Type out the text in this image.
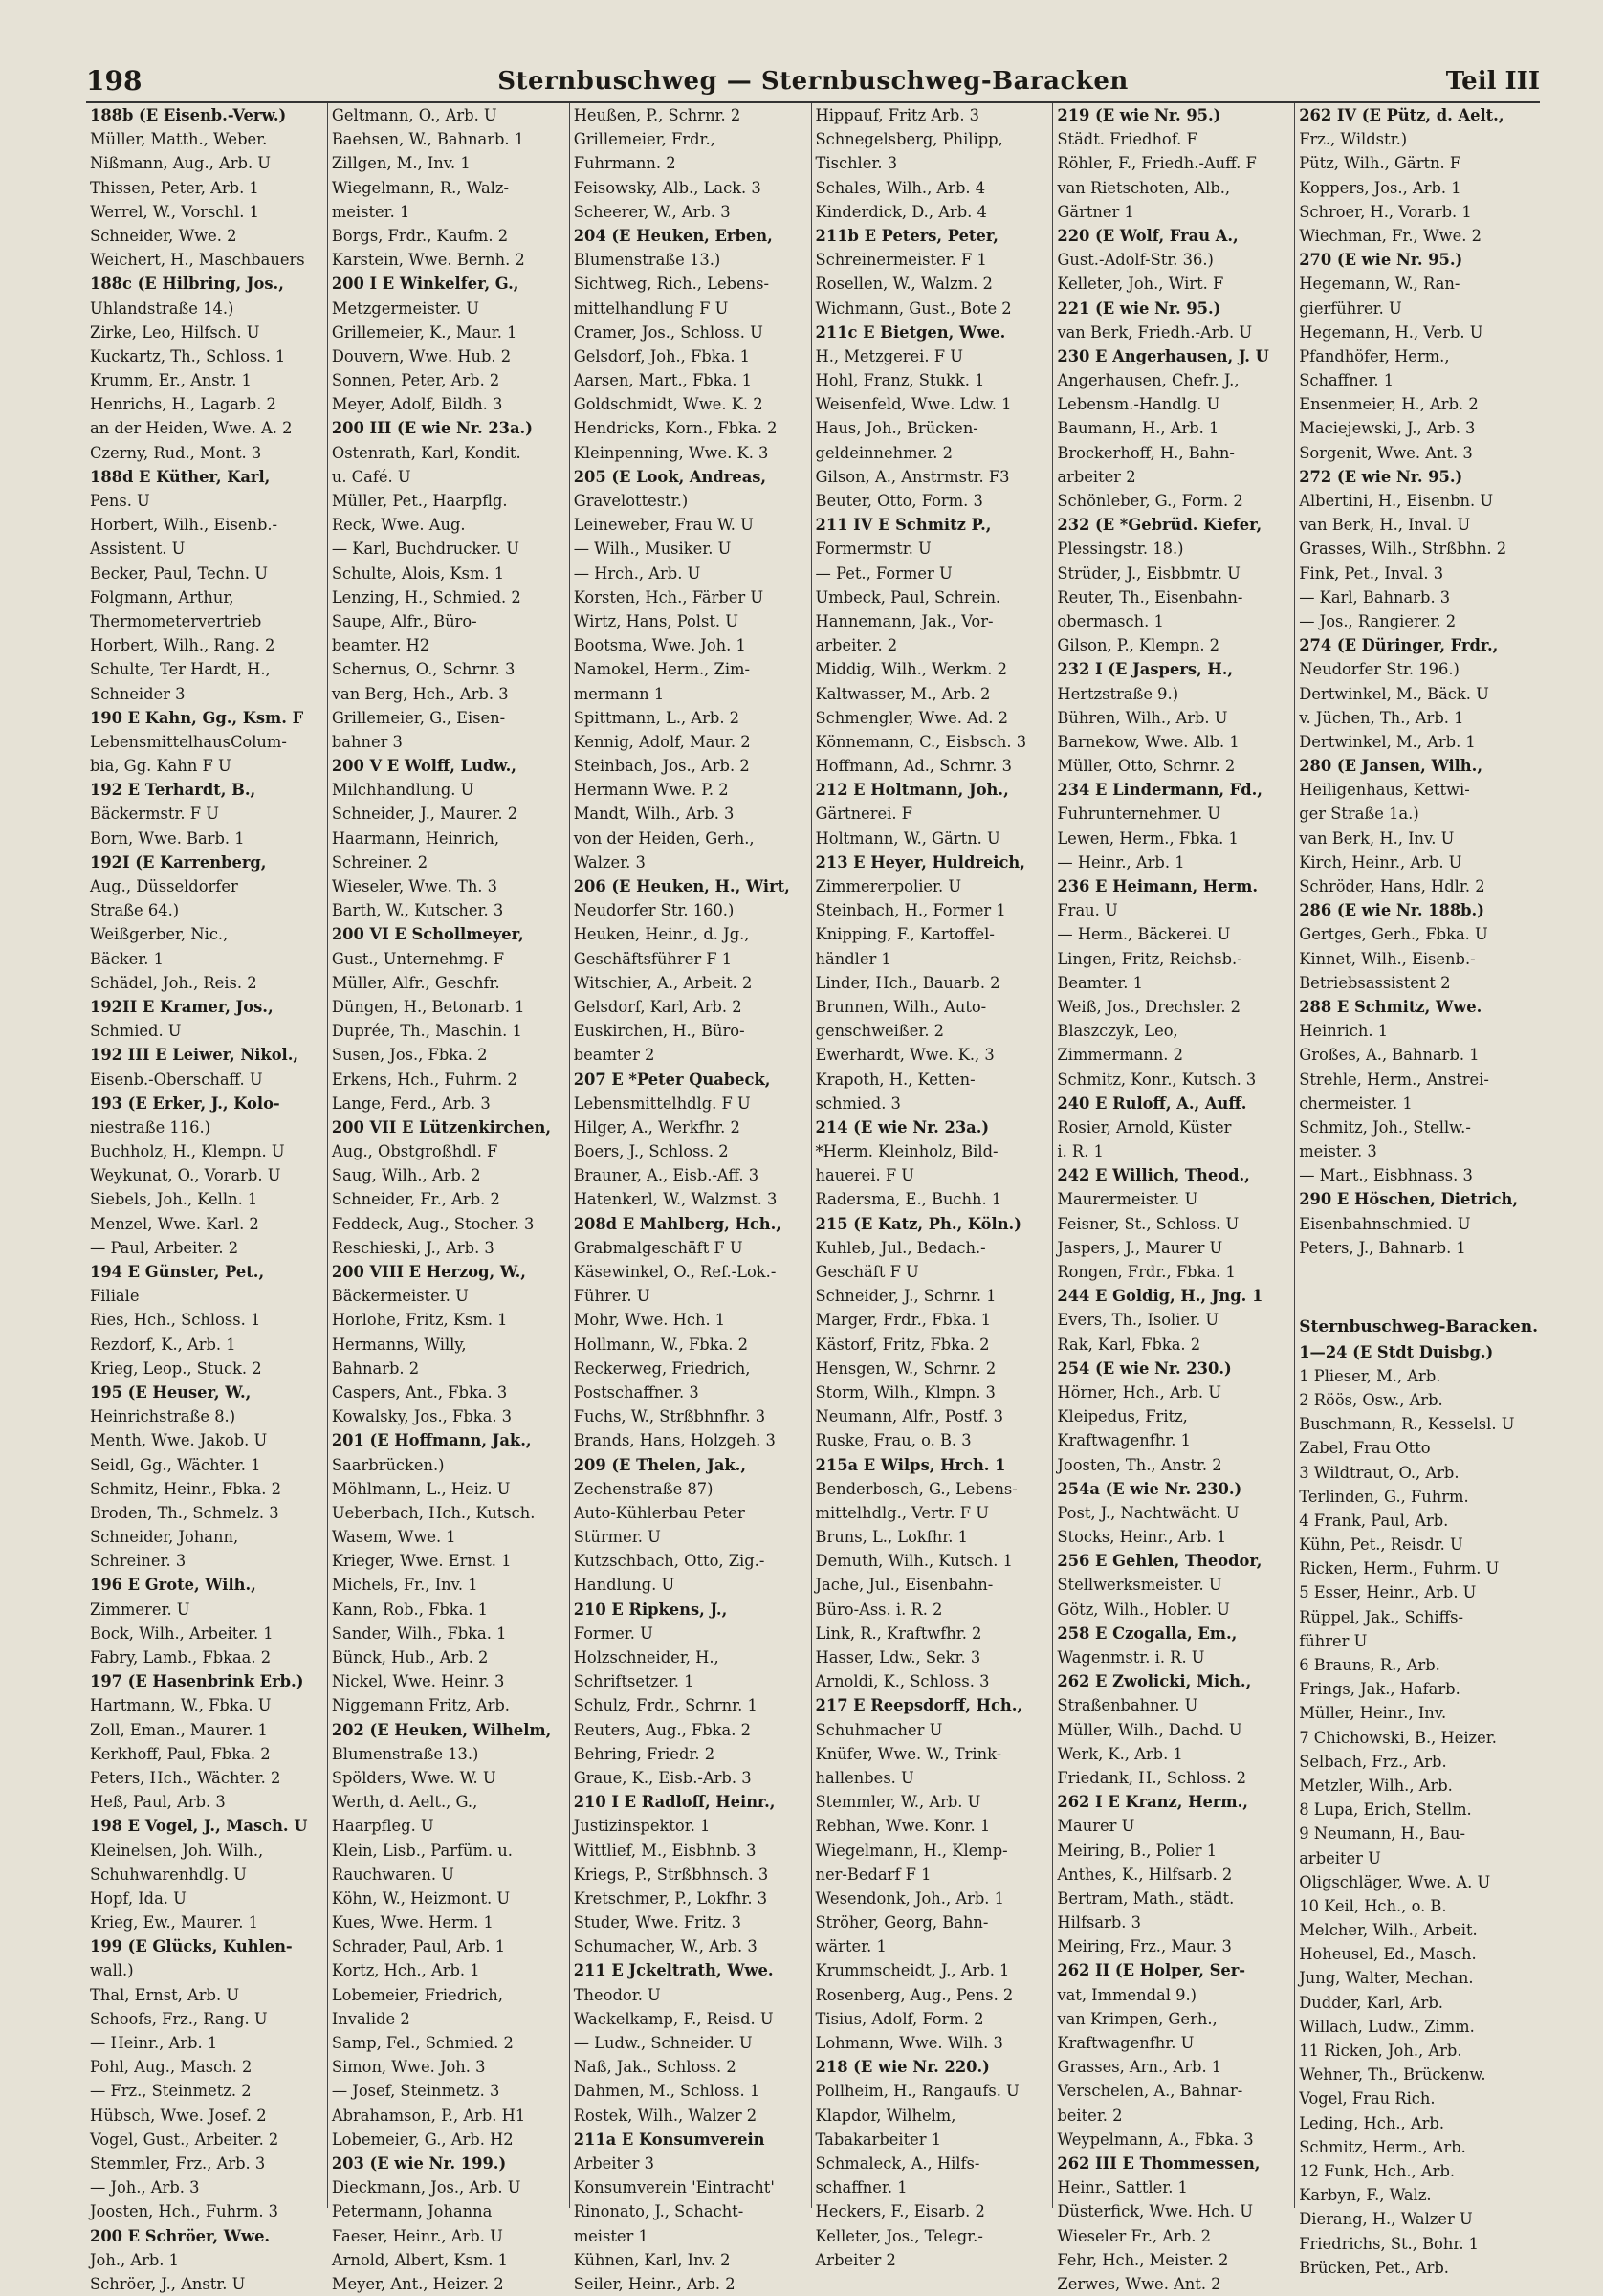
198	Sternbuschweg — Sternbuschweg-Baracken	Teil III
188b (E Eisenb.-Verw.)
Müller, Matth., Weber.
Nißmann, Aug., Arb. U
Thissen, Peter, Arb. 1
Werrel, W., Vorschl. 1
Schneider, Wwe. 2
Weichert, H., Maschbauers
188c (E Hilbring, Jos.,
Uhlandstraße 14.)
Zirke, Leo, Hilfsch. U
Kuckartz, Th., Schloss. 1
Krumm, Er., Anstr. 1
Henrichs, H., Lagarb. 2
an der Heiden, Wwe. A. 2
Czerny, Rud., Mont. 3
188d E Küther, Karl,
Pens. U
Horbert, Wilh., Eisenb.-
Assistent. U
Becker, Paul, Techn. U
Folgmann, Arthur,
Thermometervertrieb
Horbert, Wilh., Rang. 2
Schulte, Ter Hardt, H.,
Schneider 3
190 E Kahn, Gg., Ksm. F
LebensmittelhausColum-
bia, Gg. Kahn F U
192 E Terhardt, B.,
Bäckermstr. F U
Born, Wwe. Barb. 1
192I (E Karrenberg,
Aug., Düsseldorfer
Straße 64.)
Weißgerber, Nic.,
Bäcker. 1
Schädel, Joh., Reis. 2
192II E Kramer, Jos.,
Schmied. U
192 III E Leiwer, Nikol.,
Eisenb.-Oberschaff. U
193 (E Erker, J., Kolo-
niestraße 116.)
Buchholz, H., Klempn. U
Weykunat, O., Vorarb. U
Siebels, Joh., Kelln. 1
Menzel, Wwe. Karl. 2
— Paul, Arbeiter. 2
194 E Günster, Pet.,
Filiale
Ries, Hch., Schloss. 1
Rezdorf, K., Arb. 1
Krieg, Leop., Stuck. 2
195 (E Heuser, W.,
Heinrichstraße 8.)
Menth, Wwe. Jakob. U
Seidl, Gg., Wächter. 1
Schmitz, Heinr., Fbka. 2
Broden, Th., Schmelz. 3
Schneider, Johann,
Schreiner. 3
196 E Grote, Wilh.,
Zimmerer. U
Bock, Wilh., Arbeiter. 1
Fabry, Lamb., Fbkaa. 2
197 (E Hasenbrink Erb.)
Hartmann, W., Fbka. U
Zoll, Eman., Maurer. 1
Kerkhoff, Paul, Fbka. 2
Peters, Hch., Wächter. 2
Heß, Paul, Arb. 3
198 E Vogel, J., Masch. U
Kleinelsen, Joh. Wilh.,
Schuhwarenhdlg. U
Hopf, Ida. U
Krieg, Ew., Maurer. 1
199 (E Glücks, Kuhlen-
wall.)
Thal, Ernst, Arb. U
Schoofs, Frz., Rang. U
— Heinr., Arb. 1
Pohl, Aug., Masch. 2
— Frz., Steinmetz. 2
Hübsch, Wwe. Josef. 2
Vogel, Gust., Arbeiter. 2
Stemmler, Frz., Arb. 3
— Joh., Arb. 3
Joosten, Hch., Fuhrm. 3
200 E Schröer, Wwe.
Joh., Arb. 1
Schröer, J., Anstr. U
Geltmann, O., Arb. U
Baehsen, W., Bahnarb. 1
Zillgen, M., Inv. 1
Wiegelmann, R., Walz-
meister. 1
Borgs, Frdr., Kaufm. 2
Karstein, Wwe. Bernh. 2
200 I E Winkelfer, G.,
Metzgermeister. U
Grillemeier, K., Maur. 1
Douvern, Wwe. Hub. 2
Sonnen, Peter, Arb. 2
Meyer, Adolf, Bildh. 3
200 III (E wie Nr. 23a.)
Ostenrath, Karl, Kondit.
u. Café. U
Müller, Pet., Haarpflg.
Reck, Wwe. Aug.
— Karl, Buchdrucker. U
Schulte, Alois, Ksm. 1
Lenzing, H., Schmied. 2
Saupe, Alfr., Büro-
beamter. H2
Schernus, O., Schrnr. 3
van Berg, Hch., Arb. 3
Grillemeier, G., Eisen-
bahner 3
200 V E Wolff, Ludw.,
Milchhandlung. U
Schneider, J., Maurer. 2
Haarmann, Heinrich,
Schreiner. 2
Wieseler, Wwe. Th. 3
Barth, W., Kutscher. 3
200 VI E Schollmeyer,
Gust., Unternehmg. F
Müller, Alfr., Geschfr.
Düngen, H., Betonarb. 1
Duprée, Th., Maschin. 1
Susen, Jos., Fbka. 2
Erkens, Hch., Fuhrm. 2
Lange, Ferd., Arb. 3
200 VII E Lützenkirchen,
Aug., Obstgroßhdl. F
Saug, Wilh., Arb. 2
Schneider, Fr., Arb. 2
Feddeck, Aug., Stocher. 3
Reschieski, J., Arb. 3
200 VIII E Herzog, W.,
Bäckermeister. U
Horlohe, Fritz, Ksm. 1
Hermanns, Willy,
Bahnarb. 2
Caspers, Ant., Fbka. 3
Kowalsky, Jos., Fbka. 3
201 (E Hoffmann, Jak.,
Saarbrücken.)
Möhlmann, L., Heiz. U
Ueberbach, Hch., Kutsch.
Wasem, Wwe. 1
Krieger, Wwe. Ernst. 1
Michels, Fr., Inv. 1
Kann, Rob., Fbka. 1
Sander, Wilh., Fbka. 1
Bünck, Hub., Arb. 2
Nickel, Wwe. Heinr. 3
Niggemann Fritz, Arb.
202 (E Heuken, Wilhelm,
Blumenstraße 13.)
Spölders, Wwe. W. U
Werth, d. Aelt., G.,
Haarpfleg. U
Klein, Lisb., Parfüm. u.
Rauchwaren. U
Köhn, W., Heizmont. U
Kues, Wwe. Herm. 1
Schrader, Paul, Arb. 1
Kortz, Hch., Arb. 1
Lobemeier, Friedrich,
Invalide 2
Samp, Fel., Schmied. 2
Simon, Wwe. Joh. 3
— Josef, Steinmetz. 3
Abrahamson, P., Arb. H1
Lobemeier, G., Arb. H2
203 (E wie Nr. 199.)
Dieckmann, Jos., Arb. U
Petermann, Johanna
Faeser, Heinr., Arb. U
Arnold, Albert, Ksm. 1
Meyer, Ant., Heizer. 2
Heußen, P., Schrnr. 2
Grillemeier, Frdr.,
Fuhrmann. 2
Feisowsky, Alb., Lack. 3
Scheerer, W., Arb. 3
204 (E Heuken, Erben,
Blumenstraße 13.)
Sichtweg, Rich., Lebens-
mittelhandlung F U
Cramer, Jos., Schloss. U
Gelsdorf, Joh., Fbka. 1
Aarsen, Mart., Fbka. 1
Goldschmidt, Wwe. K. 2
Hendricks, Korn., Fbka. 2
Kleinpenning, Wwe. K. 3
205 (E Look, Andreas,
Gravelottestr.)
Leineweber, Frau W. U
— Wilh., Musiker. U
— Hrch., Arb. U
Korsten, Hch., Färber U
Wirtz, Hans, Polst. U
Bootsma, Wwe. Joh. 1
Namokel, Herm., Zim-
mermann 1
Spittmann, L., Arb. 2
Kennig, Adolf, Maur. 2
Steinbach, Jos., Arb. 2
Hermann Wwe. P. 2
Mandt, Wilh., Arb. 3
von der Heiden, Gerh.,
Walzer. 3
206 (E Heuken, H., Wirt,
Neudorfer Str. 160.)
Heuken, Heinr., d. Jg.,
Geschäftsführer F 1
Witschier, A., Arbeit. 2
Gelsdorf, Karl, Arb. 2
Euskirchen, H., Büro-
beamter 2
207 E *Peter Quabeck,
Lebensmittelhdlg. F U
Hilger, A., Werkfhr. 2
Boers, J., Schloss. 2
Brauner, A., Eisb.-Aff. 3
Hatenkerl, W., Walzmst. 3
208d E Mahlberg, Hch.,
Grabmalgeschäft F U
Käsewinkel, O., Ref.-Lok.-
Führer. U
Mohr, Wwe. Hch. 1
Hollmann, W., Fbka. 2
Reckerweg, Friedrich,
Postschaffner. 3
Fuchs, W., Strßbhnfhr. 3
Brands, Hans, Holzgeh. 3
209 (E Thelen, Jak.,
Zechenstraße 87)
Auto-Kühlerbau Peter
Stürmer. U
Kutzschbach, Otto, Zig.-
Handlung. U
210 E Ripkens, J.,
Former. U
Holzschneider, H.,
Schriftsetzer. 1
Schulz, Frdr., Schrnr. 1
Reuters, Aug., Fbka. 2
Behring, Friedr. 2
Graue, K., Eisb.-Arb. 3
210 I E Radloff, Heinr.,
Justizinspektor. 1
Wittlief, M., Eisbhnb. 3
Kriegs, P., Strßbhnsch. 3
Kretschmer, P., Lokfhr. 3
Studer, Wwe. Fritz. 3
Schumacher, W., Arb. 3
211 E Jckeltrath, Wwe.
Theodor. U
Wackelkamp, F., Reisd. U
— Ludw., Schneider. U
Naß, Jak., Schloss. 2
Dahmen, M., Schloss. 1
Rostek, Wilh., Walzer 2
211a E Konsumverein
Arbeiter 3
Konsumverein 'Eintracht'
Rinonato, J., Schacht-
meister 1
Kühnen, Karl, Inv. 2
Seiler, Heinr., Arb. 2
Hippauf, Fritz Arb. 3
Schnegelsberg, Philipp,
Tischler. 3
Schales, Wilh., Arb. 4
Kinderdick, D., Arb. 4
211b E Peters, Peter,
Schreinermeister. F 1
Rosellen, W., Walzm. 2
Wichmann, Gust., Bote 2
211c E Bietgen, Wwe.
H., Metzgerei. F U
Hohl, Franz, Stukk. 1
Weisenfeld, Wwe. Ldw. 1
Haus, Joh., Brücken-
geldeinnehmer. 2
Gilson, A., Anstrmstr. F3
Beuter, Otto, Form. 3
211 IV E Schmitz P.,
Formermstr. U
— Pet., Former U
Umbeck, Paul, Schrein.
Hannemann, Jak., Vor-
arbeiter. 2
Middig, Wilh., Werkm. 2
Kaltwasser, M., Arb. 2
Schmengler, Wwe. Ad. 2
Könnemann, C., Eisbsch. 3
Hoffmann, Ad., Schrnr. 3
212 E Holtmann, Joh.,
Gärtnerei. F
Holtmann, W., Gärtn. U
213 E Heyer, Huldreich,
Zimmererpolier. U
Steinbach, H., Former 1
Knipping, F., Kartoffel-
händler 1
Linder, Hch., Bauarb. 2
Brunnen, Wilh., Auto-
genschweißer. 2
Ewerhardt, Wwe. K., 3
Krapoth, H., Ketten-
schmied. 3
214 (E wie Nr. 23a.)
*Herm. Kleinholz, Bild-
hauerei. F U
Radersma, E., Buchh. 1
215 (E Katz, Ph., Köln.)
Kuhleb, Jul., Bedach.-
Geschäft F U
Schneider, J., Schrnr. 1
Marger, Frdr., Fbka. 1
Kästorf, Fritz, Fbka. 2
Hensgen, W., Schrnr. 2
Storm, Wilh., Klmpn. 3
Neumann, Alfr., Postf. 3
Ruske, Frau, o. B. 3
215a E Wilps, Hrch. 1
Benderbosch, G., Lebens-
mittelhdlg., Vertr. F U
Bruns, L., Lokfhr. 1
Demuth, Wilh., Kutsch. 1
Jache, Jul., Eisenbahn-
Büro-Ass. i. R. 2
Link, R., Kraftwfhr. 2
Hasser, Ldw., Sekr. 3
Arnoldi, K., Schloss. 3
217 E Reepsdorff, Hch.,
Schuhmacher U
Knüfer, Wwe. W., Trink-
hallenbes. U
Stemmler, W., Arb. U
Rebhan, Wwe. Konr. 1
Wiegelmann, H., Klemp-
ner-Bedarf F 1
Wesendonk, Joh., Arb. 1
Ströher, Georg, Bahn-
wärter. 1
Krummscheidt, J., Arb. 1
Rosenberg, Aug., Pens. 2
Tisius, Adolf, Form. 2
Lohmann, Wwe. Wilh. 3
218 (E wie Nr. 220.)
Pollheim, H., Rangaufs. U
Klapdor, Wilhelm,
Tabakarbeiter 1
Schmaleck, A., Hilfs-
schaffner. 1
Heckers, F., Eisarb. 2
Kelleter, Jos., Telegr.-
Arbeiter 2
219 (E wie Nr. 95.)
Städt. Friedhof. F
Röhler, F., Friedh.-Auff. F
van Rietschoten, Alb.,
Gärtner 1
220 (E Wolf, Frau A.,
Gust.-Adolf-Str. 36.)
Kelleter, Joh., Wirt. F
221 (E wie Nr. 95.)
van Berk, Friedh.-Arb. U
230 E Angerhausen, J. U
Angerhausen, Chefr. J.,
Lebensm.-Handlg. U
Baumann, H., Arb. 1
Brockerhoff, H., Bahn-
arbeiter 2
Schönleber, G., Form. 2
232 (E *Gebrüd. Kiefer,
Plessingstr. 18.)
Strüder, J., Eisbbmtr. U
Reuter, Th., Eisenbahn-
obermasch. 1
Gilson, P., Klempn. 2
232 I (E Jaspers, H.,
Hertzstraße 9.)
Bühren, Wilh., Arb. U
Barnekow, Wwe. Alb. 1
Müller, Otto, Schrnr. 2
234 E Lindermann, Fd.,
Fuhrunternehmer. U
Lewen, Herm., Fbka. 1
— Heinr., Arb. 1
236 E Heimann, Herm.
Frau. U
— Herm., Bäckerei. U
Lingen, Fritz, Reichsb.-
Beamter. 1
Weiß, Jos., Drechsler. 2
Blaszczyk, Leo,
Zimmermann. 2
Schmitz, Konr., Kutsch. 3
240 E Ruloff, A., Auff.
Rosier, Arnold, Küster
i. R. 1
242 E Willich, Theod.,
Maurermeister. U
Feisner, St., Schloss. U
Jaspers, J., Maurer U
Rongen, Frdr., Fbka. 1
244 E Goldig, H., Jng. 1
Evers, Th., Isolier. U
Rak, Karl, Fbka. 2
254 (E wie Nr. 230.)
Hörner, Hch., Arb. U
Kleipedus, Fritz,
Kraftwagenfhr. 1
Joosten, Th., Anstr. 2
254a (E wie Nr. 230.)
Post, J., Nachtwächt. U
Stocks, Heinr., Arb. 1
256 E Gehlen, Theodor,
Stellwerksmeister. U
Götz, Wilh., Hobler. U
258 E Czogalla, Em.,
Wagenmstr. i. R. U
262 E Zwolicki, Mich.,
Straßenbahner. U
Müller, Wilh., Dachd. U
Werk, K., Arb. 1
Friedank, H., Schloss. 2
262 I E Kranz, Herm.,
Maurer U
Meiring, B., Polier 1
Anthes, K., Hilfsarb. 2
Bertram, Math., städt.
Hilfsarb. 3
Meiring, Frz., Maur. 3
262 II (E Holper, Ser-
vat, Immendal 9.)
van Krimpen, Gerh.,
Kraftwagenfhr. U
Grasses, Arn., Arb. 1
Verschelen, A., Bahnar-
beiter. 2
Weypelmann, A., Fbka. 3
262 III E Thommessen,
Heinr., Sattler. 1
Düsterfick, Wwe. Hch. U
Wieseler Fr., Arb. 2
Fehr, Hch., Meister. 2
Zerwes, Wwe. Ant. 2
262 IV (E Pütz, d. Aelt.,
Frz., Wildstr.)
Pütz, Wilh., Gärtn. F
Koppers, Jos., Arb. 1
Schroer, H., Vorarb. 1
Wiechman, Fr., Wwe. 2
270 (E wie Nr. 95.)
Hegemann, W., Ran-
gierführer. U
Hegemann, H., Verb. U
Pfandhöfer, Herm.,
Schaffner. 1
Ensenmeier, H., Arb. 2
Maciejewski, J., Arb. 3
Sorgenit, Wwe. Ant. 3
272 (E wie Nr. 95.)
Albertini, H., Eisenbn. U
van Berk, H., Inval. U
Grasses, Wilh., Strßbhn. 2
Fink, Pet., Inval. 3
— Karl, Bahnarb. 3
— Jos., Rangierer. 2
274 (E Düringer, Frdr.,
Neudorfer Str. 196.)
Dertwinkel, M., Bäck. U
v. Jüchen, Th., Arb. 1
Dertwinkel, M., Arb. 1
280 (E Jansen, Wilh.,
Heiligenhaus, Kettwi-
ger Straße 1a.)
van Berk, H., Inv. U
Kirch, Heinr., Arb. U
Schröder, Hans, Hdlr. 2
286 (E wie Nr. 188b.)
Gertges, Gerh., Fbka. U
Kinnet, Wilh., Eisenb.-
Betriebsassistent 2
288 E Schmitz, Wwe.
Heinrich. 1
Großes, A., Bahnarb. 1
Strehle, Herm., Anstrei-
chermeister. 1
Schmitz, Joh., Stellw.-
meister. 3
— Mart., Eisbhnass. 3
290 E Höschen, Dietrich,
Eisenbahnschmied. U
Peters, J., Bahnarb. 1

Sternbuschweg-Baracken.
1—24 (E Stdt Duisbg.)
1 Plieser, M., Arb.
2 Röös, Osw., Arb.
Buschmann, R., Kesselsl. U
Zabel, Frau Otto
3 Wildtraut, O., Arb.
Terlinden, G., Fuhrm.
4 Frank, Paul, Arb.
Kühn, Pet., Reisdr. U
Ricken, Herm., Fuhrm. U
5 Esser, Heinr., Arb. U
Rüppel, Jak., Schiffs-
führer U
6 Brauns, R., Arb.
Frings, Jak., Hafarb.
Müller, Heinr., Inv.
7 Chichowski, B., Heizer.
Selbach, Frz., Arb.
Metzler, Wilh., Arb.
8 Lupa, Erich, Stellm.
9 Neumann, H., Bau-
arbeiter U
Oligschläger, Wwe. A. U
10 Keil, Hch., o. B.
Melcher, Wilh., Arbeit.
Hoheusel, Ed., Masch.
Jung, Walter, Mechan.
Dudder, Karl, Arb.
Willach, Ludw., Zimm.
11 Ricken, Joh., Arb.
Wehner, Th., Brückenw.
Vogel, Frau Rich.
Leding, Hch., Arb.
Schmitz, Herm., Arb.
12 Funk, Hch., Arb.
Karbyn, F., Walz.
Dierang, H., Walzer U
Friedrichs, St., Bohr. 1
Brücken, Pet., Arb.
